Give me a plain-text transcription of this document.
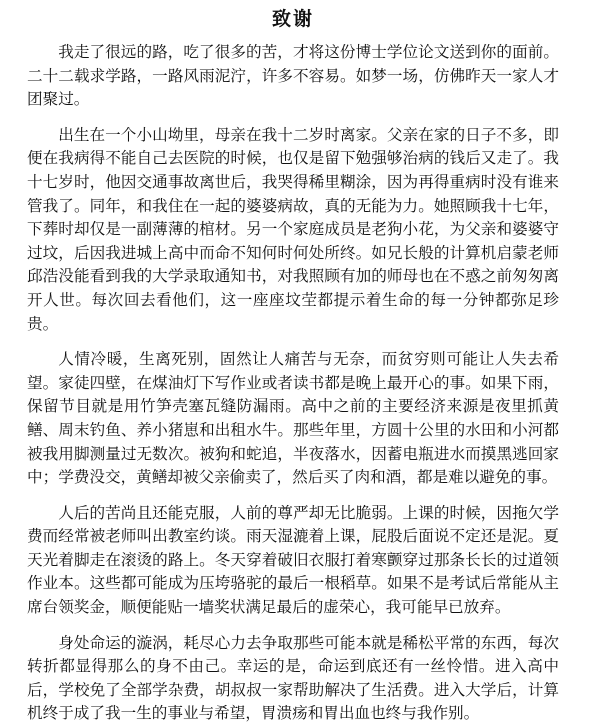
致谢

我走了很远的路，吃了很多的苦，才将这份博士学位论文送到你的面前。二十二载求学路，一路风雨泥泞，许多不容易。如梦一场，仿佛昨天一家人才团聚过。

出生在一个小山坳里，母亲在我十二岁时离家。父亲在家的日子不多，即便在我病得不能自己去医院的时候，也仅是留下勉强够治病的钱后又走了。我十七岁时，他因交通事故离世后，我哭得稀里糊涂，因为再得重病时没有谁来管我了。同年，和我住在一起的婆婆病故，真的无能为力。她照顾我十七年，下葬时却仅是一副薄薄的棺材。另一个家庭成员是老狗小花，为父亲和婆婆守过坟，后因我进城上高中而命不知何时何处所终。如兄长般的计算机启蒙老师邱浩没能看到我的大学录取通知书，对我照顾有加的师母也在不惑之前匆匆离开人世。每次回去看他们，这一座座坟茔都提示着生命的每一分钟都弥足珍贵。

人情冷暖，生离死别，固然让人痛苦与无奈，而贫穷则可能让人失去希望。家徒四壁，在煤油灯下写作业或者读书都是晚上最开心的事。如果下雨，保留节目就是用竹笋壳塞瓦缝防漏雨。高中之前的主要经济来源是夜里抓黄鳝、周末钓鱼、养小猪崽和出租水牛。那些年里，方圆十公里的水田和小河都被我用脚测量过无数次。被狗和蛇追，半夜落水，因蓄电瓶进水而摸黑逃回家中；学费没交，黄鳝却被父亲偷卖了，然后买了肉和酒，都是难以避免的事。

人后的苦尚且还能克服，人前的尊严却无比脆弱。上课的时候，因拖欠学费而经常被老师叫出教室约谈。雨天湿漉着上课，屁股后面说不定还是泥。夏天光着脚走在滚烫的路上。冬天穿着破旧衣服打着寒颤穿过那条长长的过道领作业本。这些都可能成为压垮骆驼的最后一根稻草。如果不是考试后常能从主席台领奖金，顺便能贴一墙奖状满足最后的虚荣心，我可能早已放弃。

身处命运的漩涡，耗尽心力去争取那些可能本就是稀松平常的东西，每次转折都显得那么的身不由己。幸运的是，命运到底还有一丝怜惜。进入高中后，学校免了全部学杂费，胡叔叔一家帮助解决了生活费。进入大学后，计算机终于成了我一生的事业与希望，胃溃疡和胃出血也终与我作别。
